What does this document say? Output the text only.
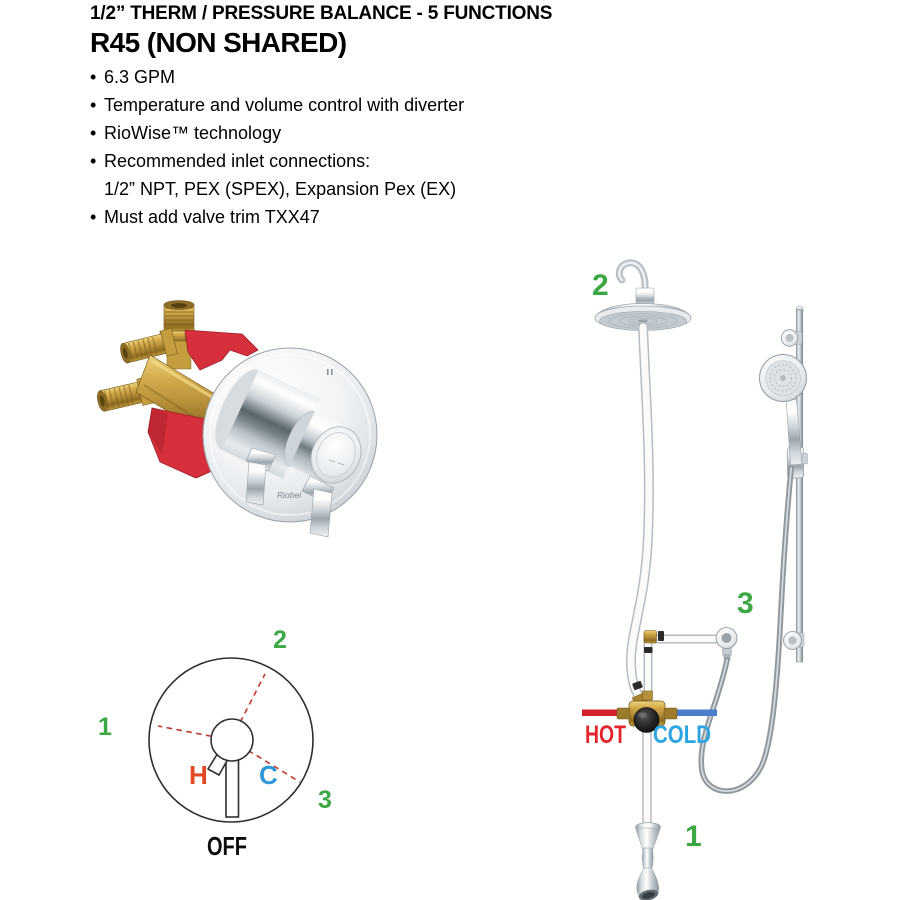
1/2” THERM / PRESSURE BALANCE - 5 FUNCTIONS
R45 (NON SHARED)
• 6.3 GPM
• Temperature and volume control with diverter
• RioWise™ technology
• Recommended inlet connections:
1/2” NPT, PEX (SPEX), Expansion Pex (EX)
• Must add valve trim TXX47
Riobel
1
2
3
H C
OFF
2
3
1
HOT COLD
